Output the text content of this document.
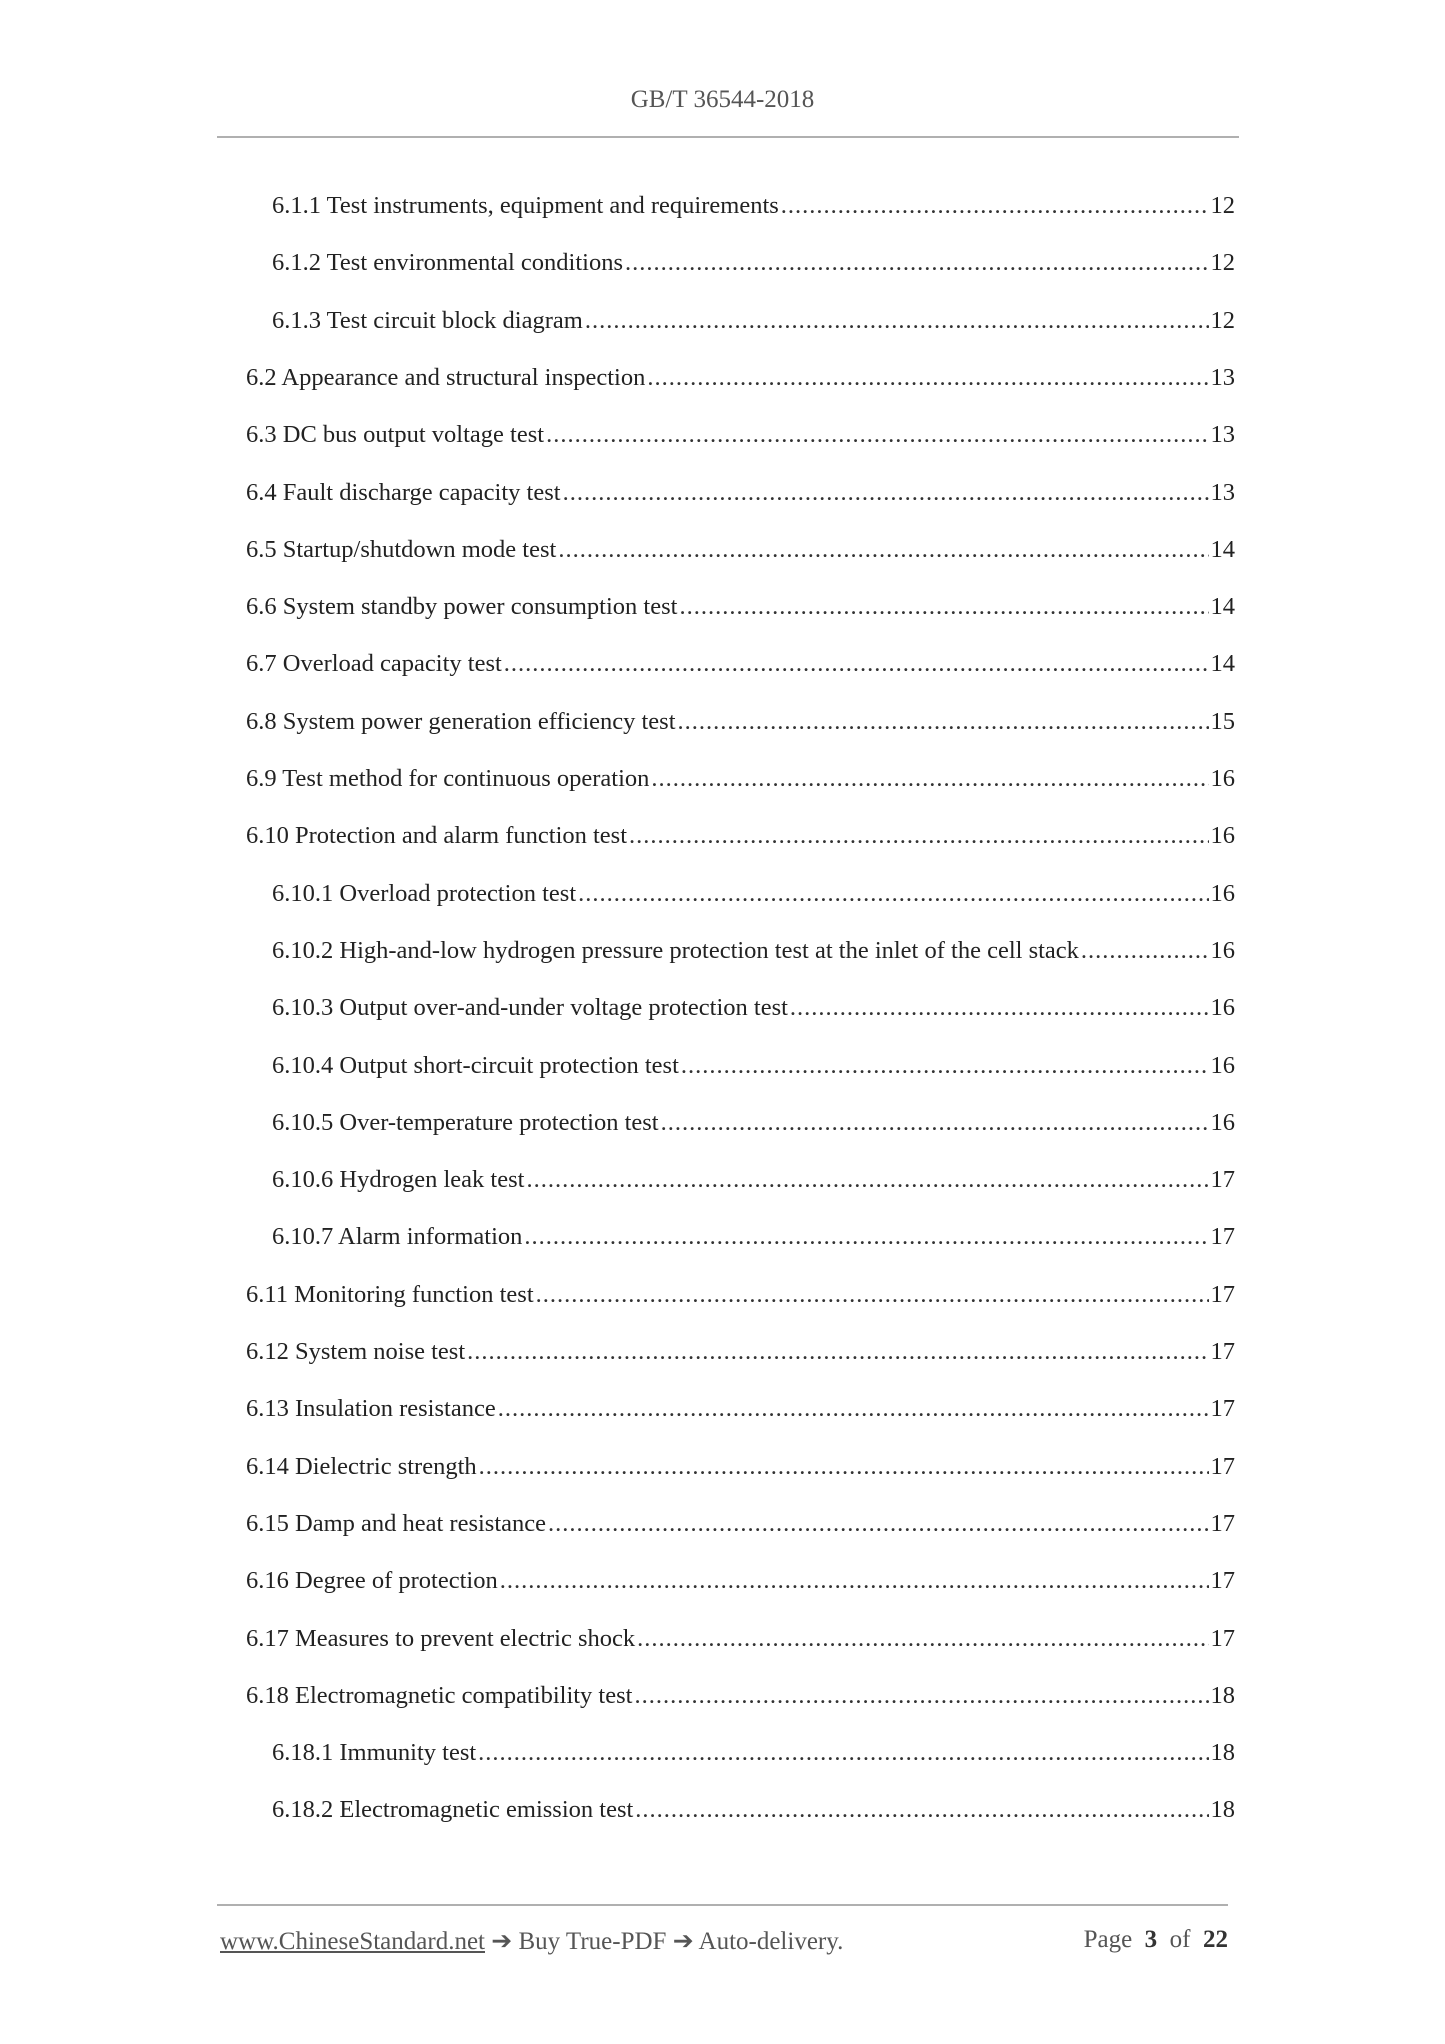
GB/T 36544-2018
6.1.1 Test instruments, equipment and requirements .....	12
6.1.2 Test environmental conditions .....	12
6.1.3 Test circuit block diagram .....	12
6.2 Appearance and structural inspection .....	13
6.3 DC bus output voltage test .....	13
6.4 Fault discharge capacity test .....	13
6.5 Startup/shutdown mode test .....	14
6.6 System standby power consumption test .....	14
6.7 Overload capacity test .....	14
6.8 System power generation efficiency test .....	15
6.9 Test method for continuous operation .....	16
6.10 Protection and alarm function test .....	16
6.10.1 Overload protection test .....	16
6.10.2 High-and-low hydrogen pressure protection test at the inlet of the cell stack .....	16
6.10.3 Output over-and-under voltage protection test .....	16
6.10.4 Output short-circuit protection test .....	16
6.10.5 Over-temperature protection test .....	16
6.10.6 Hydrogen leak test .....	17
6.10.7 Alarm information .....	17
6.11 Monitoring function test .....	17
6.12 System noise test .....	17
6.13 Insulation resistance .....	17
6.14 Dielectric strength .....	17
6.15 Damp and heat resistance .....	17
6.16 Degree of protection .....	17
6.17 Measures to prevent electric shock .....	17
6.18 Electromagnetic compatibility test .....	18
6.18.1 Immunity test .....	18
6.18.2 Electromagnetic emission test .....	18
www.ChineseStandard.net ➔ Buy True-PDF ➔ Auto-delivery.	Page 3 of 22
